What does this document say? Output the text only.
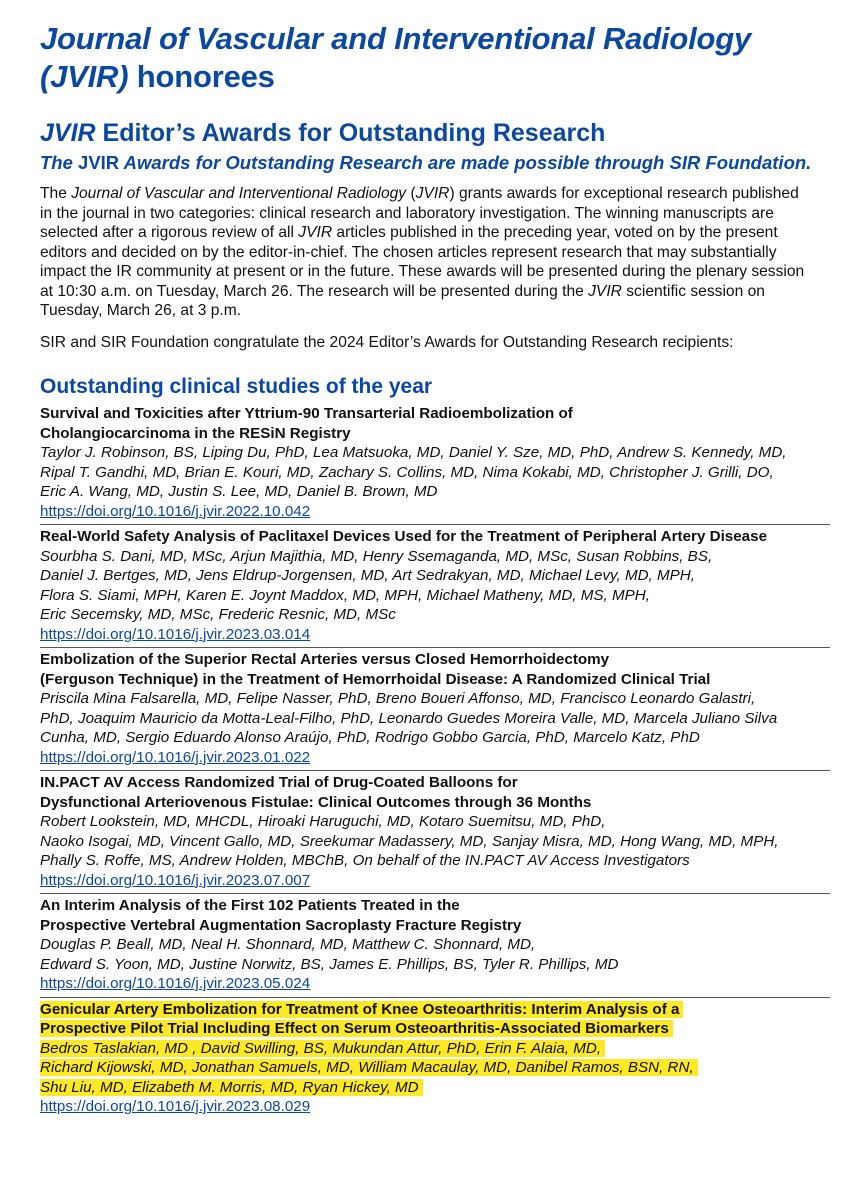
Journal of Vascular and Interventional Radiology
(JVIR) honorees
JVIR Editor’s Awards for Outstanding Research
The JVIR Awards for Outstanding Research are made possible through SIR Foundation.
The Journal of Vascular and Interventional Radiology (JVIR) grants awards for exceptional research published
in the journal in two categories: clinical research and laboratory investigation. The winning manuscripts are
selected after a rigorous review of all JVIR articles published in the preceding year, voted on by the present
editors and decided on by the editor-in-chief. The chosen articles represent research that may substantially
impact the IR community at present or in the future. These awards will be presented during the plenary session
at 10:30 a.m. on Tuesday, March 26. The research will be presented during the JVIR scientific session on
Tuesday, March 26, at 3 p.m.
SIR and SIR Foundation congratulate the 2024 Editor’s Awards for Outstanding Research recipients:
Outstanding clinical studies of the year
Survival and Toxicities after Yttrium-90 Transarterial Radioembolization of
Cholangiocarcinoma in the RESiN Registry
Taylor J. Robinson, BS, Liping Du, PhD, Lea Matsuoka, MD, Daniel Y. Sze, MD, PhD, Andrew S. Kennedy, MD,
Ripal T. Gandhi, MD, Brian E. Kouri, MD, Zachary S. Collins, MD, Nima Kokabi, MD, Christopher J. Grilli, DO,
Eric A. Wang, MD, Justin S. Lee, MD, Daniel B. Brown, MD
https://doi.org/10.1016/j.jvir.2022.10.042
Real-World Safety Analysis of Paclitaxel Devices Used for the Treatment of Peripheral Artery Disease
Sourbha S. Dani, MD, MSc, Arjun Majithia, MD, Henry Ssemaganda, MD, MSc, Susan Robbins, BS,
Daniel J. Bertges, MD, Jens Eldrup-Jorgensen, MD, Art Sedrakyan, MD, Michael Levy, MD, MPH,
Flora S. Siami, MPH, Karen E. Joynt Maddox, MD, MPH, Michael Matheny, MD, MS, MPH,
Eric Secemsky, MD, MSc, Frederic Resnic, MD, MSc
https://doi.org/10.1016/j.jvir.2023.03.014
Embolization of the Superior Rectal Arteries versus Closed Hemorrhoidectomy
(Ferguson Technique) in the Treatment of Hemorrhoidal Disease: A Randomized Clinical Trial
Priscila Mina Falsarella, MD, Felipe Nasser, PhD, Breno Boueri Affonso, MD, Francisco Leonardo Galastri,
PhD, Joaquim Mauricio da Motta-Leal-Filho, PhD, Leonardo Guedes Moreira Valle, MD, Marcela Juliano Silva
Cunha, MD, Sergio Eduardo Alonso Araújo, PhD, Rodrigo Gobbo Garcia, PhD, Marcelo Katz, PhD
https://doi.org/10.1016/j.jvir.2023.01.022
IN.PACT AV Access Randomized Trial of Drug-Coated Balloons for
Dysfunctional Arteriovenous Fistulae: Clinical Outcomes through 36 Months
Robert Lookstein, MD, MHCDL, Hiroaki Haruguchi, MD, Kotaro Suemitsu, MD, PhD,
Naoko Isogai, MD, Vincent Gallo, MD, Sreekumar Madassery, MD, Sanjay Misra, MD, Hong Wang, MD, MPH,
Phally S. Roffe, MS, Andrew Holden, MBChB, On behalf of the IN.PACT AV Access Investigators
https://doi.org/10.1016/j.jvir.2023.07.007
An Interim Analysis of the First 102 Patients Treated in the
Prospective Vertebral Augmentation Sacroplasty Fracture Registry
Douglas P. Beall, MD, Neal H. Shonnard, MD, Matthew C. Shonnard, MD,
Edward S. Yoon, MD, Justine Norwitz, BS, James E. Phillips, BS, Tyler R. Phillips, MD
https://doi.org/10.1016/j.jvir.2023.05.024
Genicular Artery Embolization for Treatment of Knee Osteoarthritis: Interim Analysis of a
Prospective Pilot Trial Including Effect on Serum Osteoarthritis-Associated Biomarkers
Bedros Taslakian, MD , David Swilling, BS, Mukundan Attur, PhD, Erin F. Alaia, MD,
Richard Kijowski, MD, Jonathan Samuels, MD, William Macaulay, MD, Danibel Ramos, BSN, RN,
Shu Liu, MD, Elizabeth M. Morris, MD, Ryan Hickey, MD
https://doi.org/10.1016/j.jvir.2023.08.029
